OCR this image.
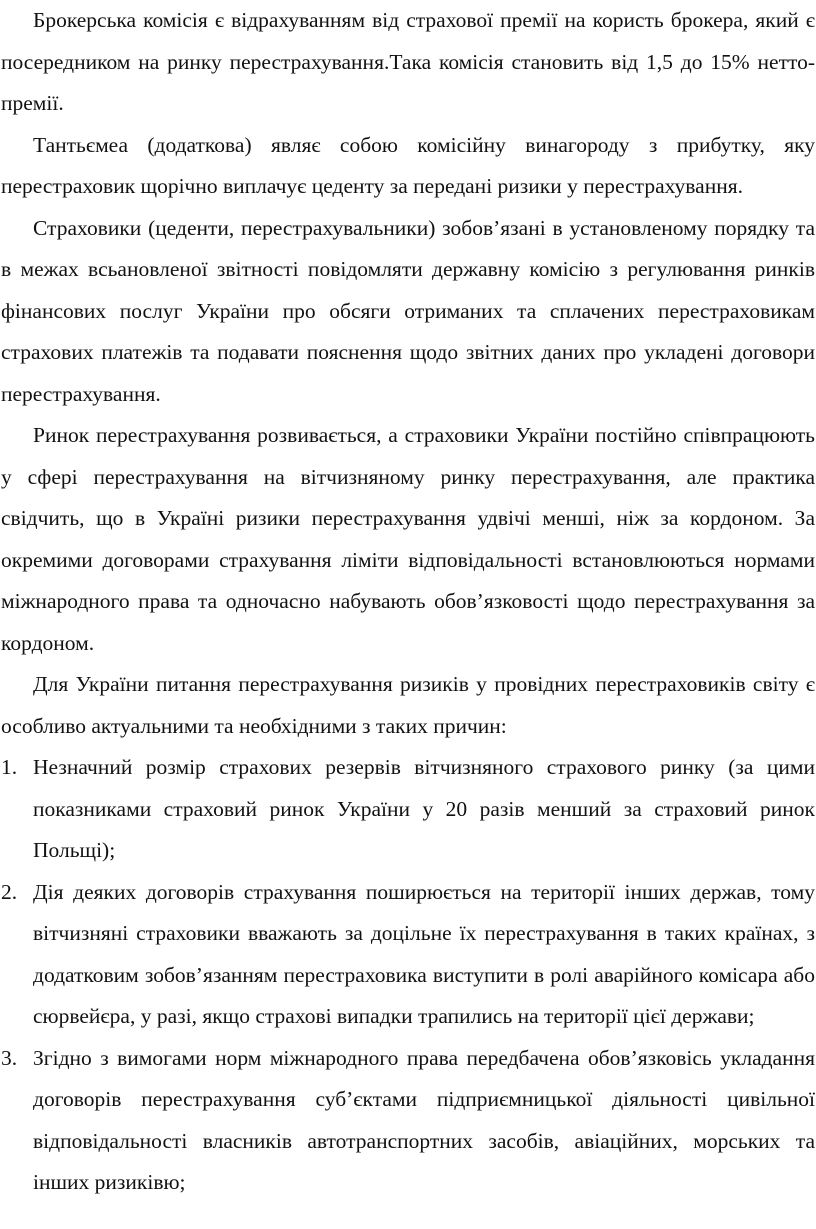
Брокерська комісія є відрахуванням від страхової премії на користь брокера, який є посередником на ринку перестрахування.Така комісія становить від 1,5 до 15% нетто-премії.

Тантьємеа (додаткова) являє собою комісійну винагороду з прибутку, яку перестраховик щорічно виплачує цеденту за передані ризики у перестрахування.

Страховики (цеденти, перестрахувальники) зобов’язані в установленому порядку та в межах всьановленої звітності повідомляти державну комісію з регулювання ринків фінансових послуг України про обсяги отриманих та сплачених перестраховикам страхових платежів та подавати пояснення щодо звітних даних про укладені договори перестрахування.

Ринок перестрахування розвивається, а страховики України постійно співпрацюють у сфері перестрахування на вітчизняному ринку перестрахування, але практика свідчить, що в Україні ризики перестрахування удвічі менші, ніж за кордоном. За окремими договорами страхування ліміти відповідальності встановлюються нормами міжнародного права та одночасно набувають обов’язковості щодо перестрахування за кордоном.

Для України питання перестрахування ризиків у провідних перестраховиків світу є особливо актуальними та необхідними з таких причин:

1. Незначний розмір страхових резервів вітчизняного страхового ринку (за цими показниками страховий ринок України у 20 разів менший за страховий ринок Польщі);
2. Дія деяких договорів страхування поширюється на території інших держав, тому вітчизняні страховики вважають за доцільне їх перестрахування в таких країнах, з додатковим зобов’язанням перестраховика виступити в ролі аварійного комісара або сюрвейєра, у разі, якщо страхові випадки трапились на території цієї держави;
3. Згідно з вимогами норм міжнародного права передбачена обов’язковісь укладання договорів перестрахування суб’єктами підприємницької діяльності цивільної відповідальності власників автотранспортних засобів, авіаційних, морських та інших ризиківю;
